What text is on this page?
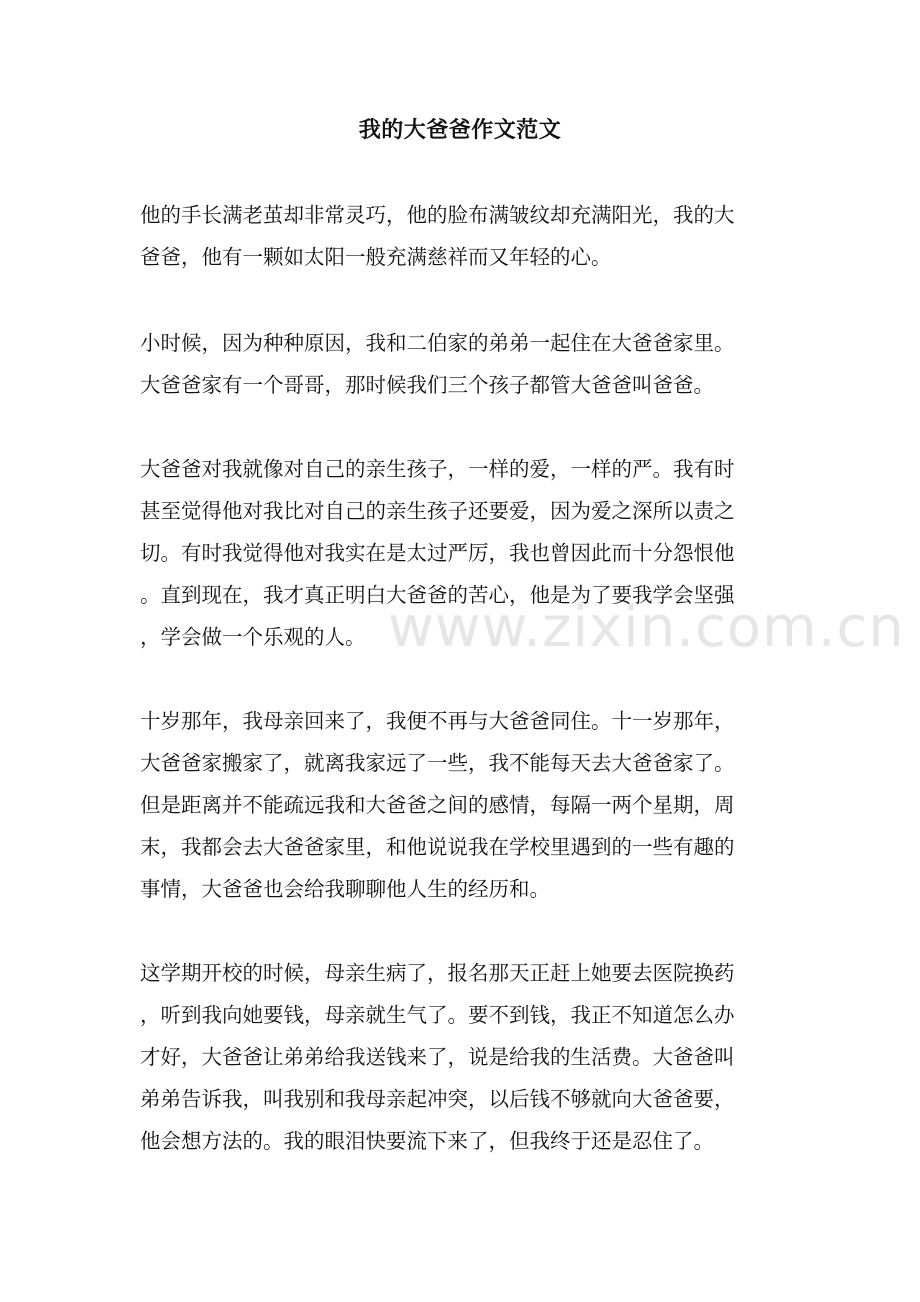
我的大爸爸作文范文
www.zixin.com.cn
他的手长满老茧却非常灵巧，他的脸布满皱纹却充满阳光，我的大
爸爸，他有一颗如太阳一般充满慈祥而又年轻的心。
小时候，因为种种原因，我和二伯家的弟弟一起住在大爸爸家里。
大爸爸家有一个哥哥，那时候我们三个孩子都管大爸爸叫爸爸。
大爸爸对我就像对自己的亲生孩子，一样的爱，一样的严。我有时
甚至觉得他对我比对自己的亲生孩子还要爱，因为爱之深所以责之
切。有时我觉得他对我实在是太过严厉，我也曾因此而十分怨恨他
。直到现在，我才真正明白大爸爸的苦心，他是为了要我学会坚强
，学会做一个乐观的人。
十岁那年，我母亲回来了，我便不再与大爸爸同住。十一岁那年，
大爸爸家搬家了，就离我家远了一些，我不能每天去大爸爸家了。
但是距离并不能疏远我和大爸爸之间的感情，每隔一两个星期，周
末，我都会去大爸爸家里，和他说说我在学校里遇到的一些有趣的
事情，大爸爸也会给我聊聊他人生的经历和。
这学期开校的时候，母亲生病了，报名那天正赶上她要去医院换药
，听到我向她要钱，母亲就生气了。要不到钱，我正不知道怎么办
才好，大爸爸让弟弟给我送钱来了，说是给我的生活费。大爸爸叫
弟弟告诉我，叫我别和我母亲起冲突，以后钱不够就向大爸爸要，
他会想方法的。我的眼泪快要流下来了，但我终于还是忍住了。
